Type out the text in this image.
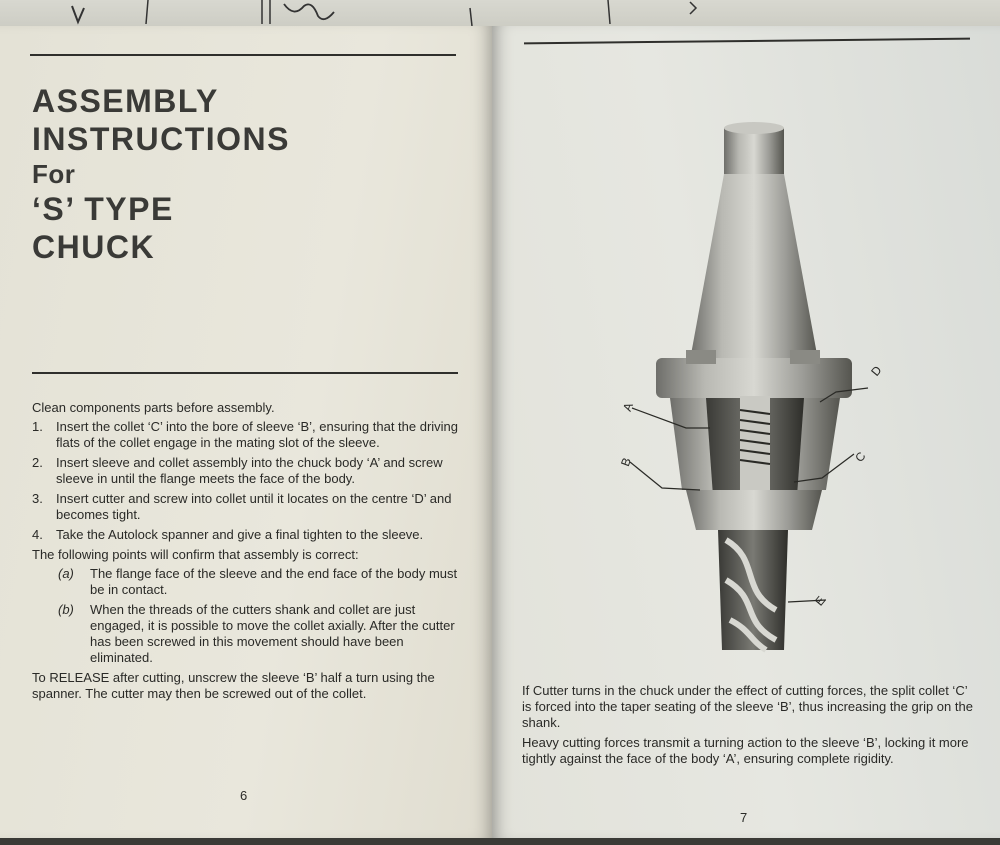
ASSEMBLY
INSTRUCTIONS
For
‘S’ TYPE
CHUCK

Clean components parts before assembly.

1. Insert the collet ‘C’ into the bore of sleeve ‘B’, ensuring that the driving flats of the collet engage in the mating slot of the sleeve.
2. Insert sleeve and collet assembly into the chuck body ‘A’ and screw sleeve in until the flange meets the face of the body.
3. Insert cutter and screw into collet until it locates on the centre ‘D’ and becomes tight.
4. Take the Autolock spanner and give a final tighten to the sleeve.

The following points will confirm that assembly is correct:

(a) The flange face of the sleeve and the end face of the body must be in contact.
(b) When the threads of the cutters shank and collet are just engaged, it is possible to move the collet axially. After the cutter has been screwed in this movement should have been eliminated.

To RELEASE after cutting, unscrew the sleeve ‘B’ half a turn using the spanner. The cutter may then be screwed out of the collet.

6
7
A
B	C
D
E

If Cutter turns in the chuck under the effect of cutting forces, the split collet ‘C’ is forced into the taper seating of the sleeve ‘B’, thus increasing the grip on the shank.

Heavy cutting forces transmit a turning action to the sleeve ‘B’, locking it more tightly against the face of the body ‘A’, ensuring complete rigidity.
